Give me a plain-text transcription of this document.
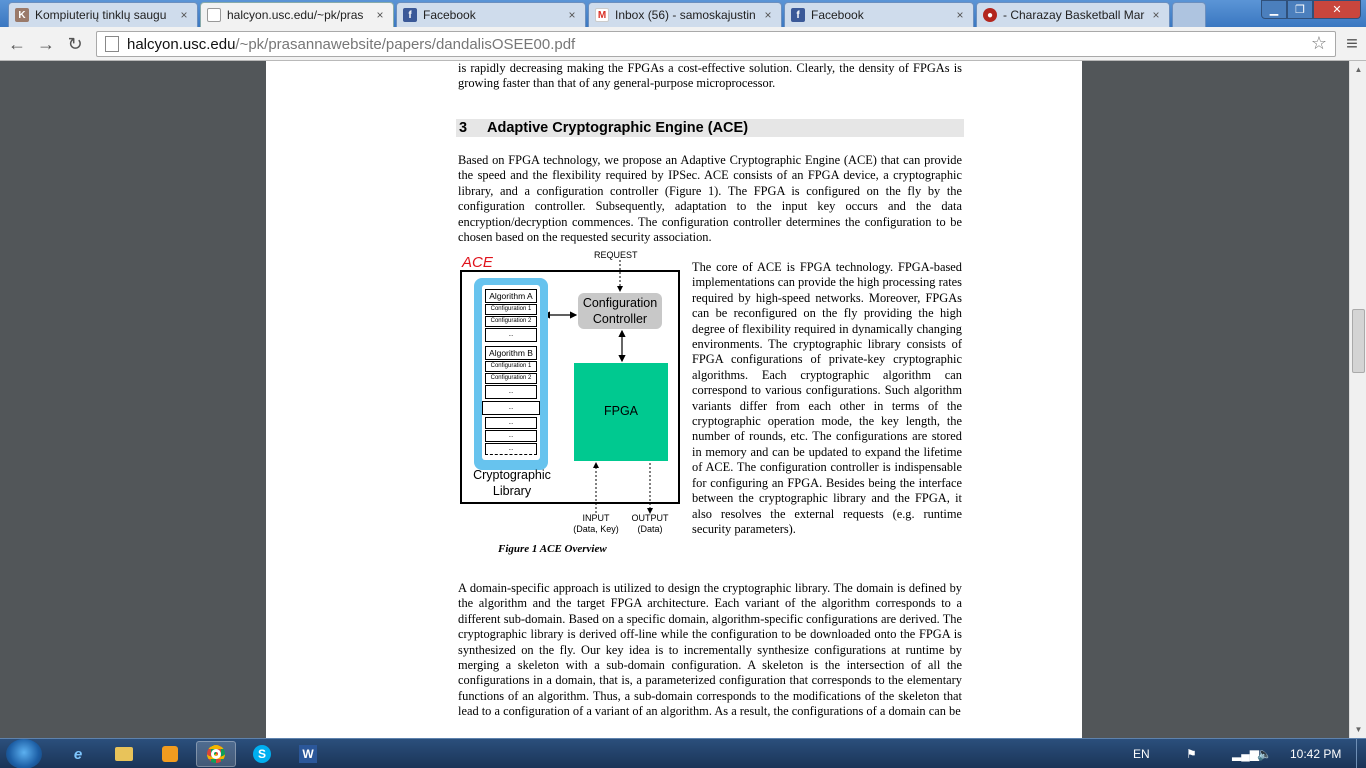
K Kompiuterių tinklų saugu	×	halcyon.usc.edu/~pk/pras	×	f Facebook	×	M Inbox (56) - samoskajustin ×	f Facebook	×	● - Charazay Basketball Mar ×	▁	❐	✕
← → ↻	halcyon.usc.edu /~pk/prasannawebsite/papers/dandalisOSEE00.pdf	☆ ≡
is rapidly decreasing making the FPGAs a cost-effective solution. Clearly, the density of FPGAs is growing faster than that of any general-purpose microprocessor.
3 Adaptive Cryptographic Engine (ACE)
Based on FPGA technology, we propose an Adaptive Cryptographic Engine (ACE) that can provide the speed and the flexibility required by IPSec. ACE consists of an FPGA device, a cryptographic library, and a configuration controller (Figure 1). The FPGA is configured on the fly by the configuration controller. Subsequently, adaptation to the input key occurs and the data encryption/decryption commences. The configuration controller determines the configuration to be chosen based on the requested security association.
ACE	REQUEST
Algorithm A
Configuration 1
Configuration 2
...
Algorithm B
Configuration 1
Configuration 2
...
...
...
...
...
Configuration
Controller
FPGA
Cryptographic
Library
INPUT
(Data, Key)
OUTPUT
(Data)
Figure 1 ACE Overview
The core of ACE is FPGA technology. FPGA-based implementations can provide the high processing rates required by high-speed networks. Moreover, FPGAs can be reconfigured on the fly providing the high degree of flexibility required in dynamically changing environments. The cryptographic library consists of FPGA configurations of private-key cryptographic algorithms. Each cryptographic algorithm can correspond to various configurations. Such algorithm variants differ from each other in terms of the cryptographic operation mode, the key length, the number of rounds, etc. The configurations are stored in memory and can be updated to expand the lifetime of ACE. The configuration controller is indispensable for configuring an FPGA. Besides being the interface between the cryptographic library and the FPGA, it also resolves the external requests (e.g. runtime security parameters).
A domain-specific approach is utilized to design the cryptographic library. The domain is defined by the algorithm and the target FPGA architecture. Each variant of the algorithm corresponds to a different sub-domain. Based on a specific domain, algorithm-specific configurations are derived. The cryptographic library is derived off-line while the configuration to be downloaded onto the FPGA is synthesized on the fly. Our key idea is to incrementally synthesize configurations at runtime by merging a skeleton with a sub-domain configuration. A skeleton is the intersection of all the configurations in a domain, that is, a parameterized configuration that corresponds to the elementary functions of an algorithm. Thus, a sub-domain corresponds to the modifications of the skeleton that lead to a configuration of a variant of an algorithm. As a result, the configurations of a domain can be
▲
▼
e	S	W	EN	⚑	▂▄▆
🔈 10:42 PM
